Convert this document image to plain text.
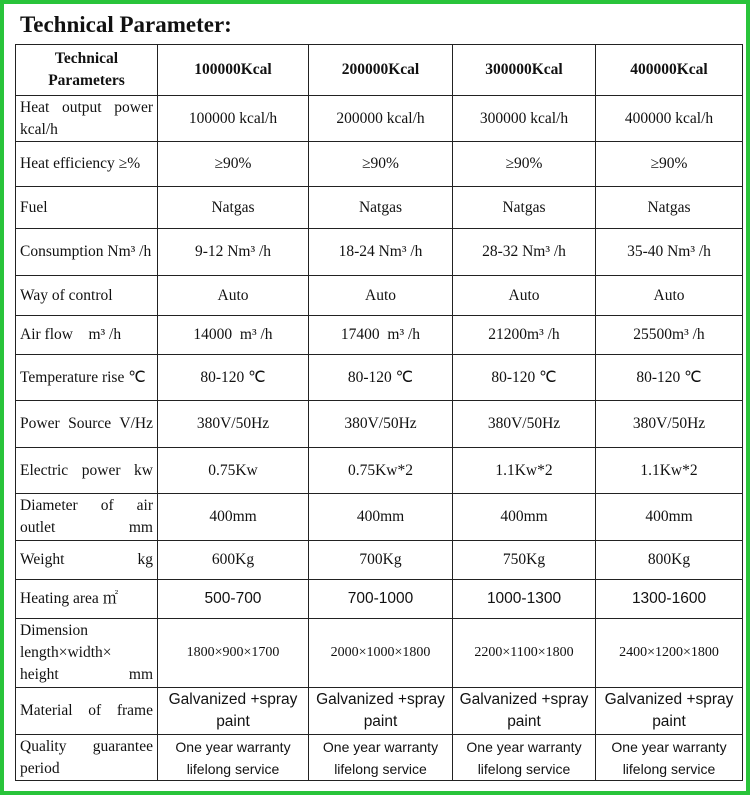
Technical Parameter:
Technical Parameters	100000Kcal	200000Kcal	300000Kcal	400000Kcal
Heat output power kcal/h	100000 kcal/h	200000 kcal/h	300000 kcal/h	400000 kcal/h
Heat efficiency ≥%	≥90%	≥90%	≥90%	≥90%
Fuel	Natgas	Natgas	Natgas	Natgas
Consumption Nm³ /h	9-12 Nm³ /h	18-24 Nm³ /h	28-32 Nm³ /h	35-40 Nm³ /h
Way of control	Auto	Auto	Auto	Auto
Air flow    m³ /h	14000  m³ /h	17400  m³ /h	21200m³ /h	25500m³ /h
Temperature rise ℃	80-120 ℃	80-120 ℃	80-120 ℃	80-120 ℃
Power Source V/Hz	380V/50Hz	380V/50Hz	380V/50Hz	380V/50Hz
Electric power kw	0.75Kw	0.75Kw*2	1.1Kw*2	1.1Kw*2
Diameter of air outlet mm	400mm	400mm	400mm	400mm
Weight kg	600Kg	700Kg	750Kg	800Kg
Heating area ㎡	500-700	700-1000	1000-1300	1300-1600
Dimension length×width× height mm	1800×900×1700	2000×1000×1800	2200×1100×1800	2400×1200×1800
Material of frame	Galvanized +spray paint	Galvanized +spray paint	Galvanized +spray paint	Galvanized +spray paint
Quality guarantee period	One year warranty lifelong service	One year warranty lifelong service	One year warranty lifelong service	One year warranty lifelong service
